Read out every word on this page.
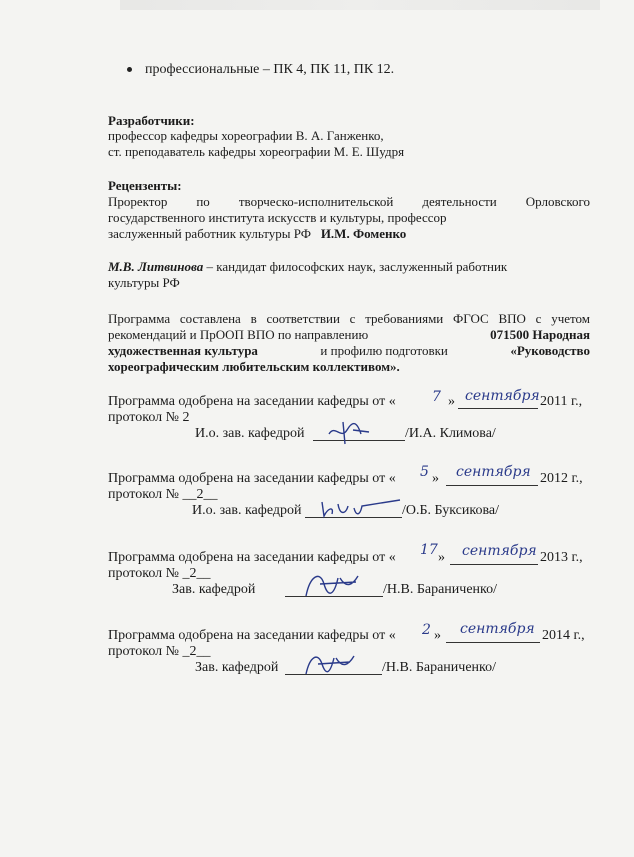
профессиональные – ПК 4, ПК 11, ПК 12.
Разработчики:
профессор кафедры хореографии В. А. Ганженко,
ст. преподаватель кафедры хореографии М. Е. Шудря
Рецензенты:
Проректор по творческо-исполнительской деятельности Орловского
государственного института искусств и культуры, профессор
заслуженный работник культуры РФ И.М. Фоменко
М.В. Литвинова – кандидат философских наук, заслуженный работник
культуры РФ
Программа составлена в соответствии с требованиями ФГОС ВПО с учетом
рекомендаций и ПрООП ВПО по направлению	071500 Народная
художественная культура	и профилю подготовки	«Руководство
хореографическим любительским коллективом».
Программа одобрена на заседании кафедры от «	7 » сентября 2011 г.,
протокол № 2
И.о. зав. кафедрой	/И.А. Климова/
Программа одобрена на заседании кафедры от « 5 » сентября 2012 г.,
протокол № __2__
И.о. зав. кафедрой	/О.Б. Буксикова/
Программа одобрена на заседании кафедры от « 17 » сентября 2013 г.,
протокол № _2__
Зав. кафедрой	/Н.В. Бараниченко/
Программа одобрена на заседании кафедры от « 2 » сентября 2014 г.,
протокол № _2__
Зав. кафедрой	/Н.В. Бараниченко/
